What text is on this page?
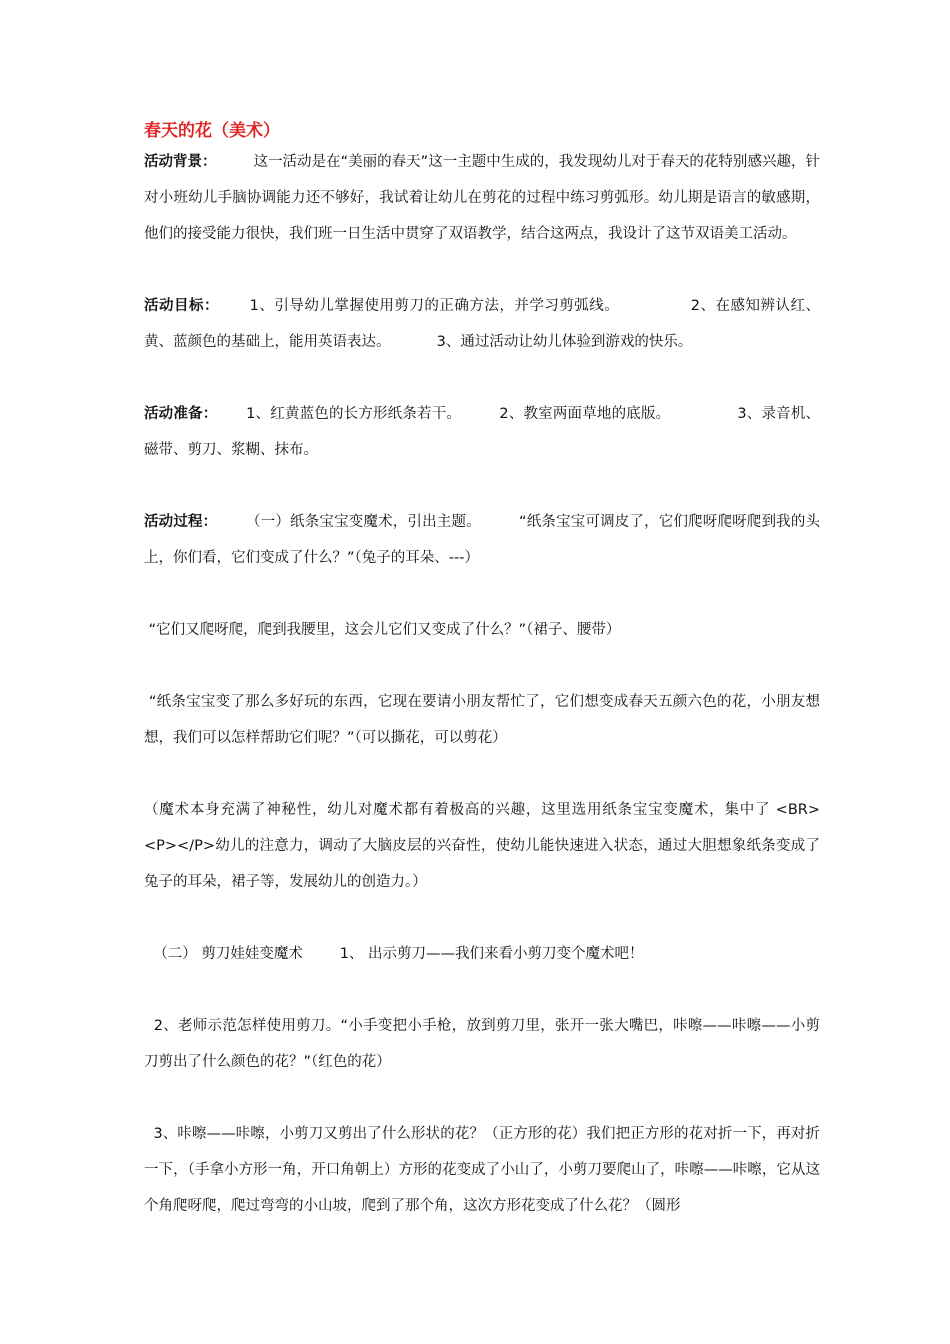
春天的花（美术）

活动背景：        这一活动是在“美丽的春天”这一主题中生成的，我发现幼儿对于春天的花特别感兴趣，针对小班幼儿手脑协调能力还不够好，我试着让幼儿在剪花的过程中练习剪弧形。幼儿期是语言的敏感期，他们的接受能力很快，我们班一日生活中贯穿了双语教学，结合这两点，我设计了这节双语美工活动。

活动目标：      1、引导幼儿掌握使用剪刀的正确方法，并学习剪弧线。              2、在感知辨认红、黄、蓝颜色的基础上，能用英语表达。          3、通过活动让幼儿体验到游戏的快乐。

活动准备：      1、红黄蓝色的长方形纸条若干。        2、教室两面草地的底版。              3、录音机、磁带、剪刀、浆糊、抹布。

活动过程：      （一）纸条宝宝变魔术，引出主题。        “纸条宝宝可调皮了，它们爬呀爬呀爬到我的头上，你们看，它们变成了什么？”（兔子的耳朵、---）

“它们又爬呀爬，爬到我腰里，这会儿它们又变成了什么？”（裙子、腰带）

“纸条宝宝变了那么多好玩的东西，它现在要请小朋友帮忙了，它们想变成春天五颜六色的花，小朋友想想，我们可以怎样帮助它们呢？”（可以撕花，可以剪花）

（魔术本身充满了神秘性，幼儿对魔术都有着极高的兴趣，这里选用纸条宝宝变魔术，集中了 <BR><P></P>幼儿的注意力，调动了大脑皮层的兴奋性，使幼儿能快速进入状态，通过大胆想象纸条变成了兔子的耳朵，裙子等，发展幼儿的创造力。）

（二） 剪刀娃娃变魔术        1、 出示剪刀——我们来看小剪刀变个魔术吧！

2、老师示范怎样使用剪刀。“小手变把小手枪，放到剪刀里，张开一张大嘴巴，咔嚓——咔嚓——小剪刀剪出了什么颜色的花？”（红色的花）

3、咔嚓——咔嚓，小剪刀又剪出了什么形状的花？（正方形的花）我们把正方形的花对折一下，再对折一下，（手拿小方形一角，开口角朝上）方形的花变成了小山了，小剪刀要爬山了，咔嚓——咔嚓，它从这个角爬呀爬，爬过弯弯的小山坡，爬到了那个角，这次方形花变成了什么花？（圆形
